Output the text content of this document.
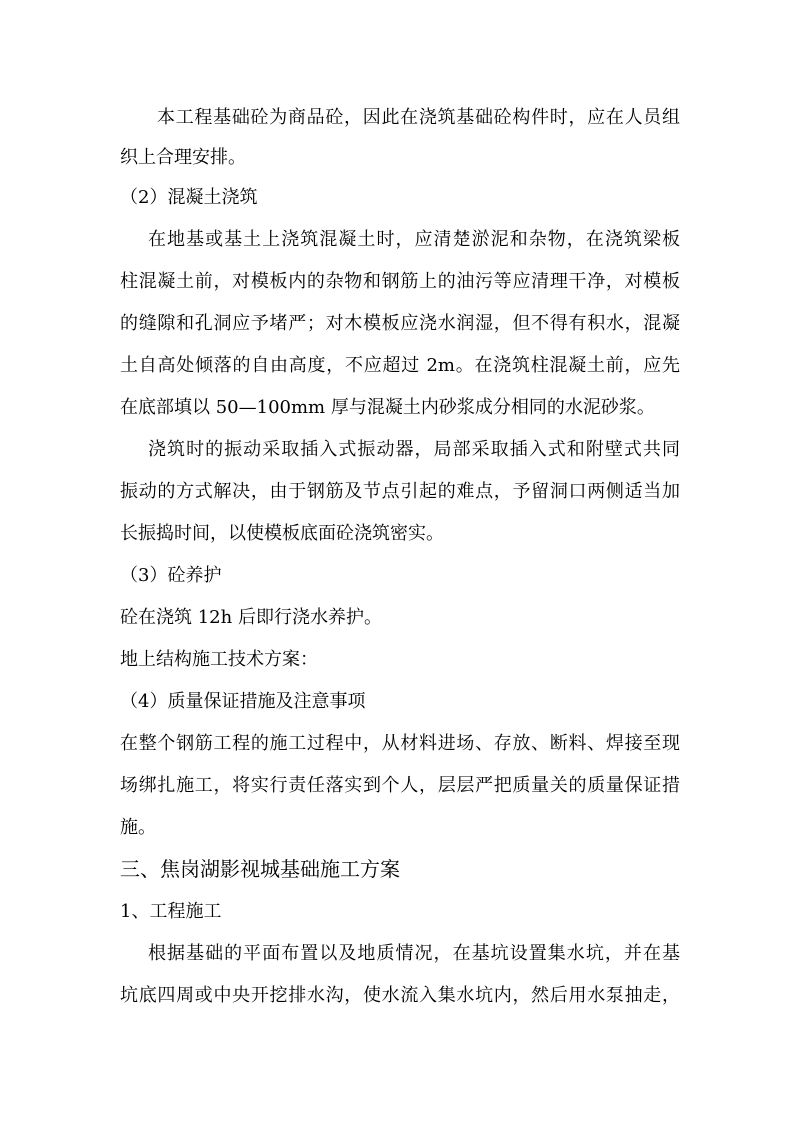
本工程基础砼为商品砼，因此在浇筑基础砼构件时，应在人员组
织上合理安排。
（2）混凝土浇筑
在地基或基土上浇筑混凝土时，应清楚淤泥和杂物，在浇筑梁板
柱混凝土前，对模板内的杂物和钢筋上的油污等应清理干净，对模板
的缝隙和孔洞应予堵严；对木模板应浇水润湿，但不得有积水，混凝
土自高处倾落的自由高度，不应超过 2m。在浇筑柱混凝土前，应先
在底部填以 50—100mm 厚与混凝土内砂浆成分相同的水泥砂浆。
浇筑时的振动采取插入式振动器，局部采取插入式和附壁式共同
振动的方式解决，由于钢筋及节点引起的难点，予留洞口两侧适当加
长振捣时间，以使模板底面砼浇筑密实。
（3）砼养护
砼在浇筑 12h 后即行浇水养护。
地上结构施工技术方案：
（4）质量保证措施及注意事项
在整个钢筋工程的施工过程中，从材料进场、存放、断料、焊接至现
场绑扎施工，将实行责任落实到个人，层层严把质量关的质量保证措
施。
三、焦岗湖影视城基础施工方案
1、工程施工
根据基础的平面布置以及地质情况，在基坑设置集水坑，并在基
坑底四周或中央开挖排水沟，使水流入集水坑内，然后用水泵抽走，
